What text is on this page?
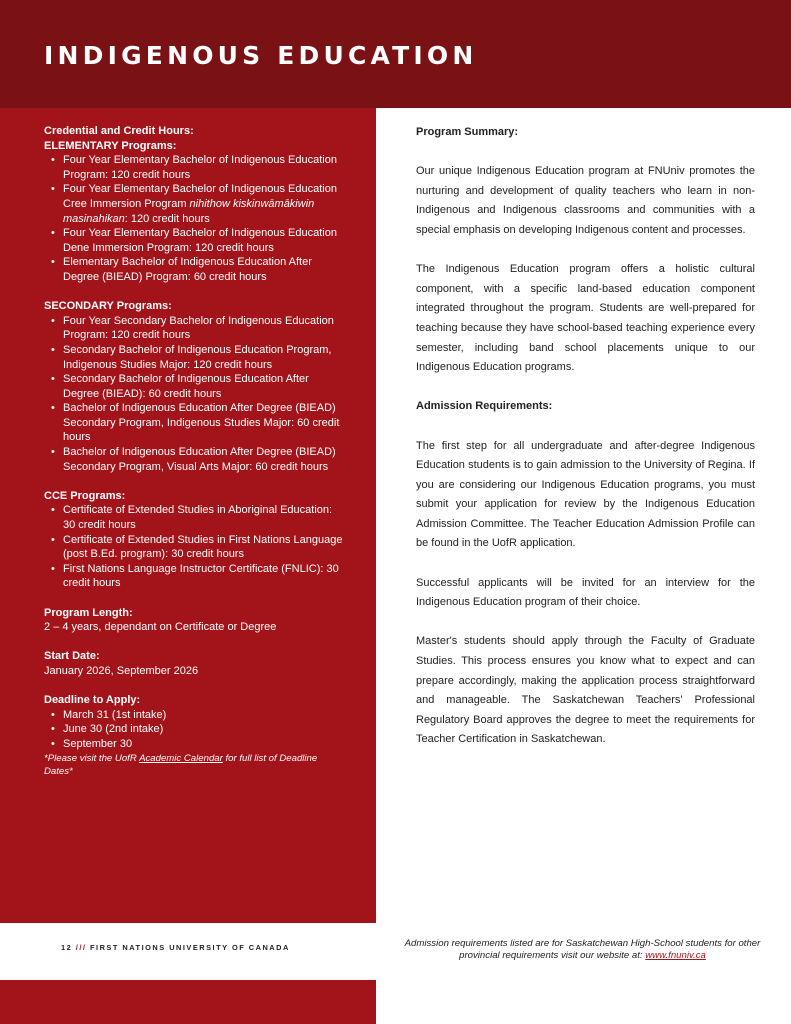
INDIGENOUS EDUCATION
Credential and Credit Hours:
ELEMENTARY Programs:
• Four Year Elementary Bachelor of Indigenous Education Program: 120 credit hours
• Four Year Elementary Bachelor of Indigenous Education Cree Immersion Program nihithow kiskinwāmākiwin masinahikan: 120 credit hours
• Four Year Elementary Bachelor of Indigenous Education Dene Immersion Program: 120 credit hours
• Elementary Bachelor of Indigenous Education After Degree (BIEAD) Program: 60 credit hours
SECONDARY Programs:
• Four Year Secondary Bachelor of Indigenous Education Program: 120 credit hours
• Secondary Bachelor of Indigenous Education Program, Indigenous Studies Major: 120 credit hours
• Secondary Bachelor of Indigenous Education After Degree (BIEAD): 60 credit hours
• Bachelor of Indigenous Education After Degree (BIEAD) Secondary Program, Indigenous Studies Major: 60 credit hours
• Bachelor of Indigenous Education After Degree (BIEAD) Secondary Program, Visual Arts Major: 60 credit hours
CCE Programs:
• Certificate of Extended Studies in Aboriginal Education: 30 credit hours
• Certificate of Extended Studies in First Nations Language (post B.Ed. program): 30 credit hours
• First Nations Language Instructor Certificate (FNLIC): 30 credit hours
Program Length:
2 – 4 years, dependant on Certificate or Degree
Start Date:
January 2026, September 2026
Deadline to Apply:
• March 31 (1st intake)
• June 30 (2nd intake)
• September 30
*Please visit the UofR Academic Calendar for full list of Deadline Dates*
Program Summary:

Our unique Indigenous Education program at FNUniv promotes the nurturing and development of quality teachers who learn in non-Indigenous and Indigenous classrooms and communities with a special emphasis on developing Indigenous content and processes.

The Indigenous Education program offers a holistic cultural component, with a specific land-based education component integrated throughout the program. Students are well-prepared for teaching because they have school-based teaching experience every semester, including band school placements unique to our Indigenous Education programs.

Admission Requirements:

The first step for all undergraduate and after-degree Indigenous Education students is to gain admission to the University of Regina. If you are considering our Indigenous Education programs, you must submit your application for review by the Indigenous Education Admission Committee. The Teacher Education Admission Profile can be found in the UofR application.

Successful applicants will be invited for an interview for the Indigenous Education program of their choice.

Master's students should apply through the Faculty of Graduate Studies. This process ensures you know what to expect and can prepare accordingly, making the application process straightforward and manageable. The Saskatchewan Teachers' Professional Regulatory Board approves the degree to meet the requirements for Teacher Certification in Saskatchewan.

12 /// FIRST NATIONS UNIVERSITY OF CANADA	Admission requirements listed are for Saskatchewan High-School students for other provincial requirements visit our website at: www.fnuniv.ca
